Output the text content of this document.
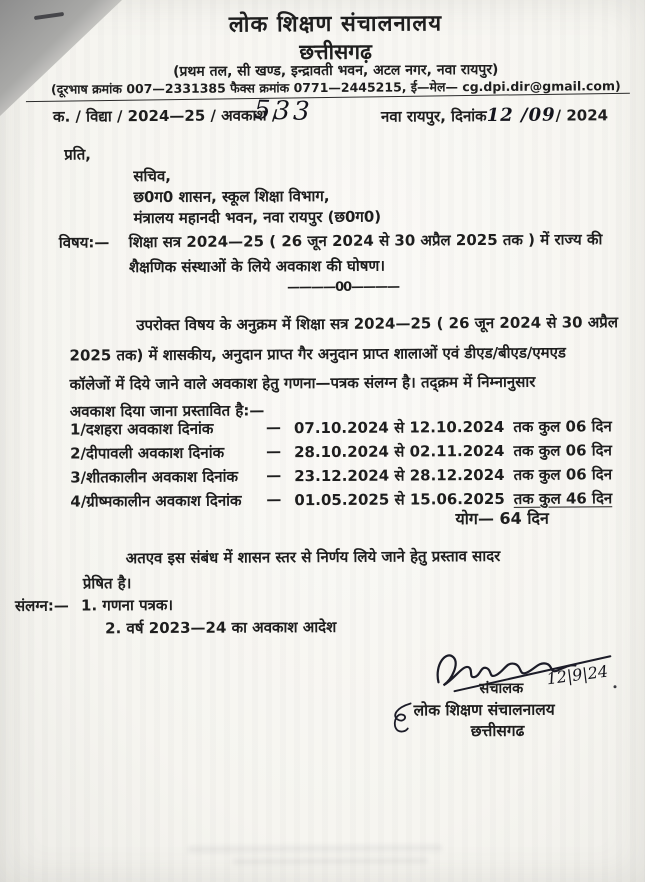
लोक शिक्षण संचालनालय
छत्तीसगढ़
(प्रथम तल, सी खण्ड, इन्द्रावती भवन, अटल नगर, नवा रायपुर)
(दूरभाष क्रमांक 007—2331385 फैक्स क्रमांक 0771—2445215, ई—मेल— cg.dpi.dir@gmail.com)
क. / विद्या / 2024—25 / अवकाश /
533	नवा रायपुर, दिनांक12 /09/ 2024
प्रति,
सचिव,
छ0ग0 शासन, स्कूल शिक्षा विभाग,
मंत्रालय महानदी भवन, नवा रायपुर (छ0ग0)
विषय:— शिक्षा सत्र 2024—25 ( 26 जून 2024 से 30 अप्रैल 2025 तक ) में राज्य की
शैक्षणिक संस्थाओं के लिये अवकाश की घोषण।
————00————
उपरोक्त विषय के अनुक्रम में शिक्षा सत्र 2024—25 ( 26 जून 2024 से 30 अप्रैल
2025 तक) में शासकीय, अनुदान प्राप्त गैर अनुदान प्राप्त शालाओं एवं डीएड/बीएड/एमएड
कॉलेजों में दिये जाने वाले अवकाश हेतु गणना—पत्रक संलग्न है। तद्क्रम में निम्नानुसार
अवकाश दिया जाना प्रस्तावित है:—
1/दशहरा अवकाश दिनांक	— 07.10.2024 से 12.10.2024 तक कुल 06 दिन
2/दीपावली अवकाश दिनांक	— 28.10.2024 से 02.11.2024 तक कुल 06 दिन
3/शीतकालीन अवकाश दिनांक	— 23.12.2024 से 28.12.2024 तक कुल 06 दिन
4/ग्रीष्मकालीन अवकाश दिनांक	— 01.05.2025 से 15.06.2025 तक कुल 46 दिन
योग— 64 दिन
अतएव इस संबंध में शासन स्तर से निर्णय लिये जाने हेतु प्रस्ताव सादर
प्रेषित है।
संलग्न:— 1. गणना पत्रक।
2. वर्ष 2023—24 का अवकाश आदेश
12|9|24
संचालक
लोक शिक्षण संचालनालय
छत्तीसगढ
